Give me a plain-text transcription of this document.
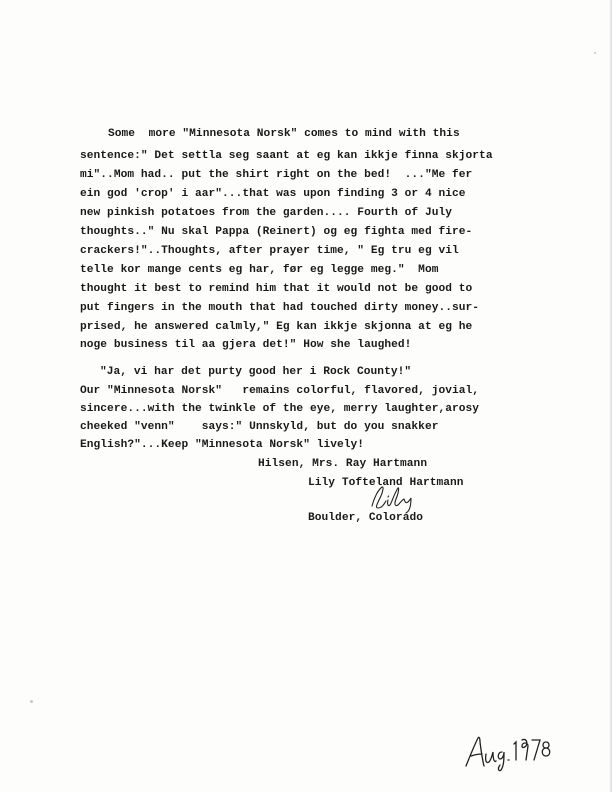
Some  more "Minnesota Norsk" comes to mind with this
sentence:" Det settla seg saant at eg kan ikkje finna skjorta
mi"..Mom had.. put the shirt right on the bed!  ..."Me fer
ein god 'crop' i aar"...that was upon finding 3 or 4 nice
new pinkish potatoes from the garden.... Fourth of July
thoughts.." Nu skal Pappa (Reinert) og eg fighta med fire-
crackers!"..Thoughts, after prayer time, " Eg tru eg vil
telle kor mange cents eg har, før eg legge meg."  Mom
thought it best to remind him that it would not be good to
put fingers in the mouth that had touched dirty money..sur-
prised, he answered calmly," Eg kan ikkje skjonna at eg he
noge business til aa gjera det!" How she laughed!
"Ja, vi har det purty good her i Rock County!"
Our "Minnesota Norsk"   remains colorful, flavored, jovial,
sincere...with the twinkle of the eye, merry laughter,arosy
cheeked "venn"    says:" Unnskyld, but do you snakker
English?"...Keep "Minnesota Norsk" lively!
Hilsen, Mrs. Ray Hartmann
Lily Tofteland Hartmann
Boulder, Colorado
